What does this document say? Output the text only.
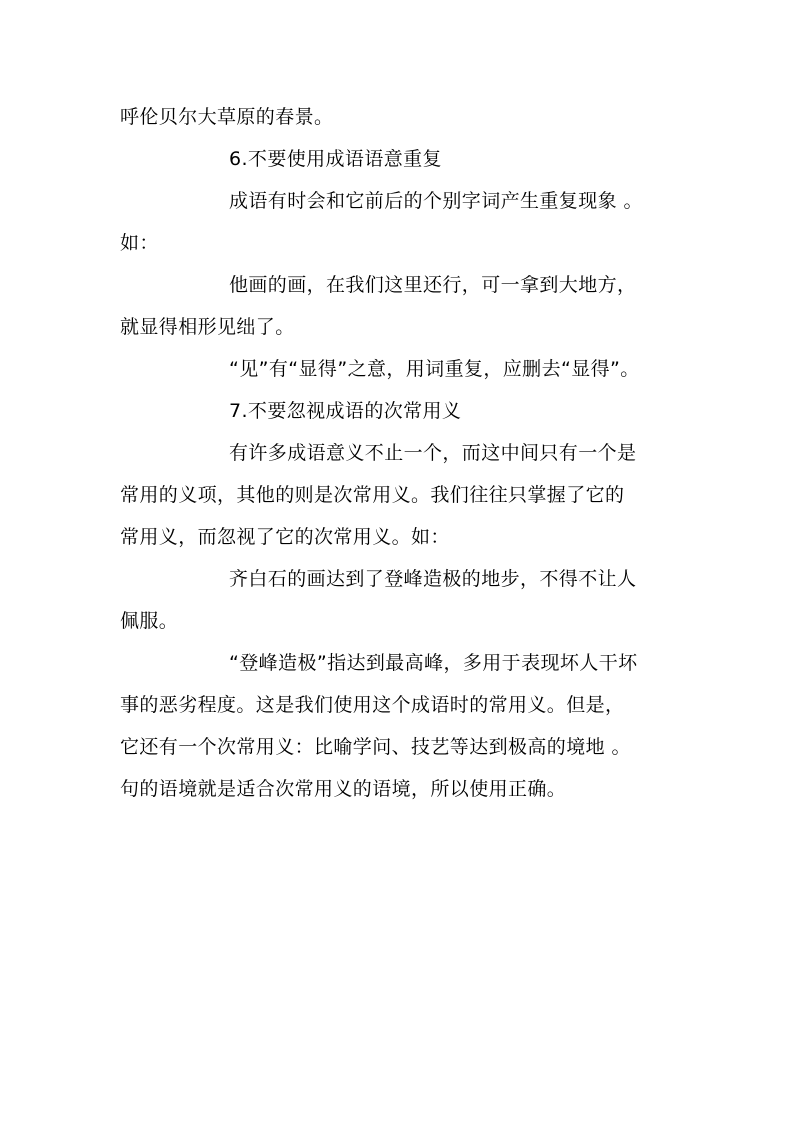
呼伦贝尔大草原的春景。
6.不要使用成语语意重复
成语有时会和它前后的个别字词产生重复现象 。
如：
他画的画，在我们这里还行，可一拿到大地方，
就显得相形见绌了。
“见”有“显得”之意，用词重复，应删去“显得”。
7.不要忽视成语的次常用义
有许多成语意义不止一个，而这中间只有一个是
常用的义项，其他的则是次常用义。我们往往只掌握了它的
常用义，而忽视了它的次常用义。如：
齐白石的画达到了登峰造极的地步，不得不让人
佩服。
“登峰造极”指达到最高峰，多用于表现坏人干坏
事的恶劣程度。这是我们使用这个成语时的常用义。但是，
它还有一个次常用义：比喻学问、技艺等达到极高的境地 。
句的语境就是适合次常用义的语境，所以使用正确。
